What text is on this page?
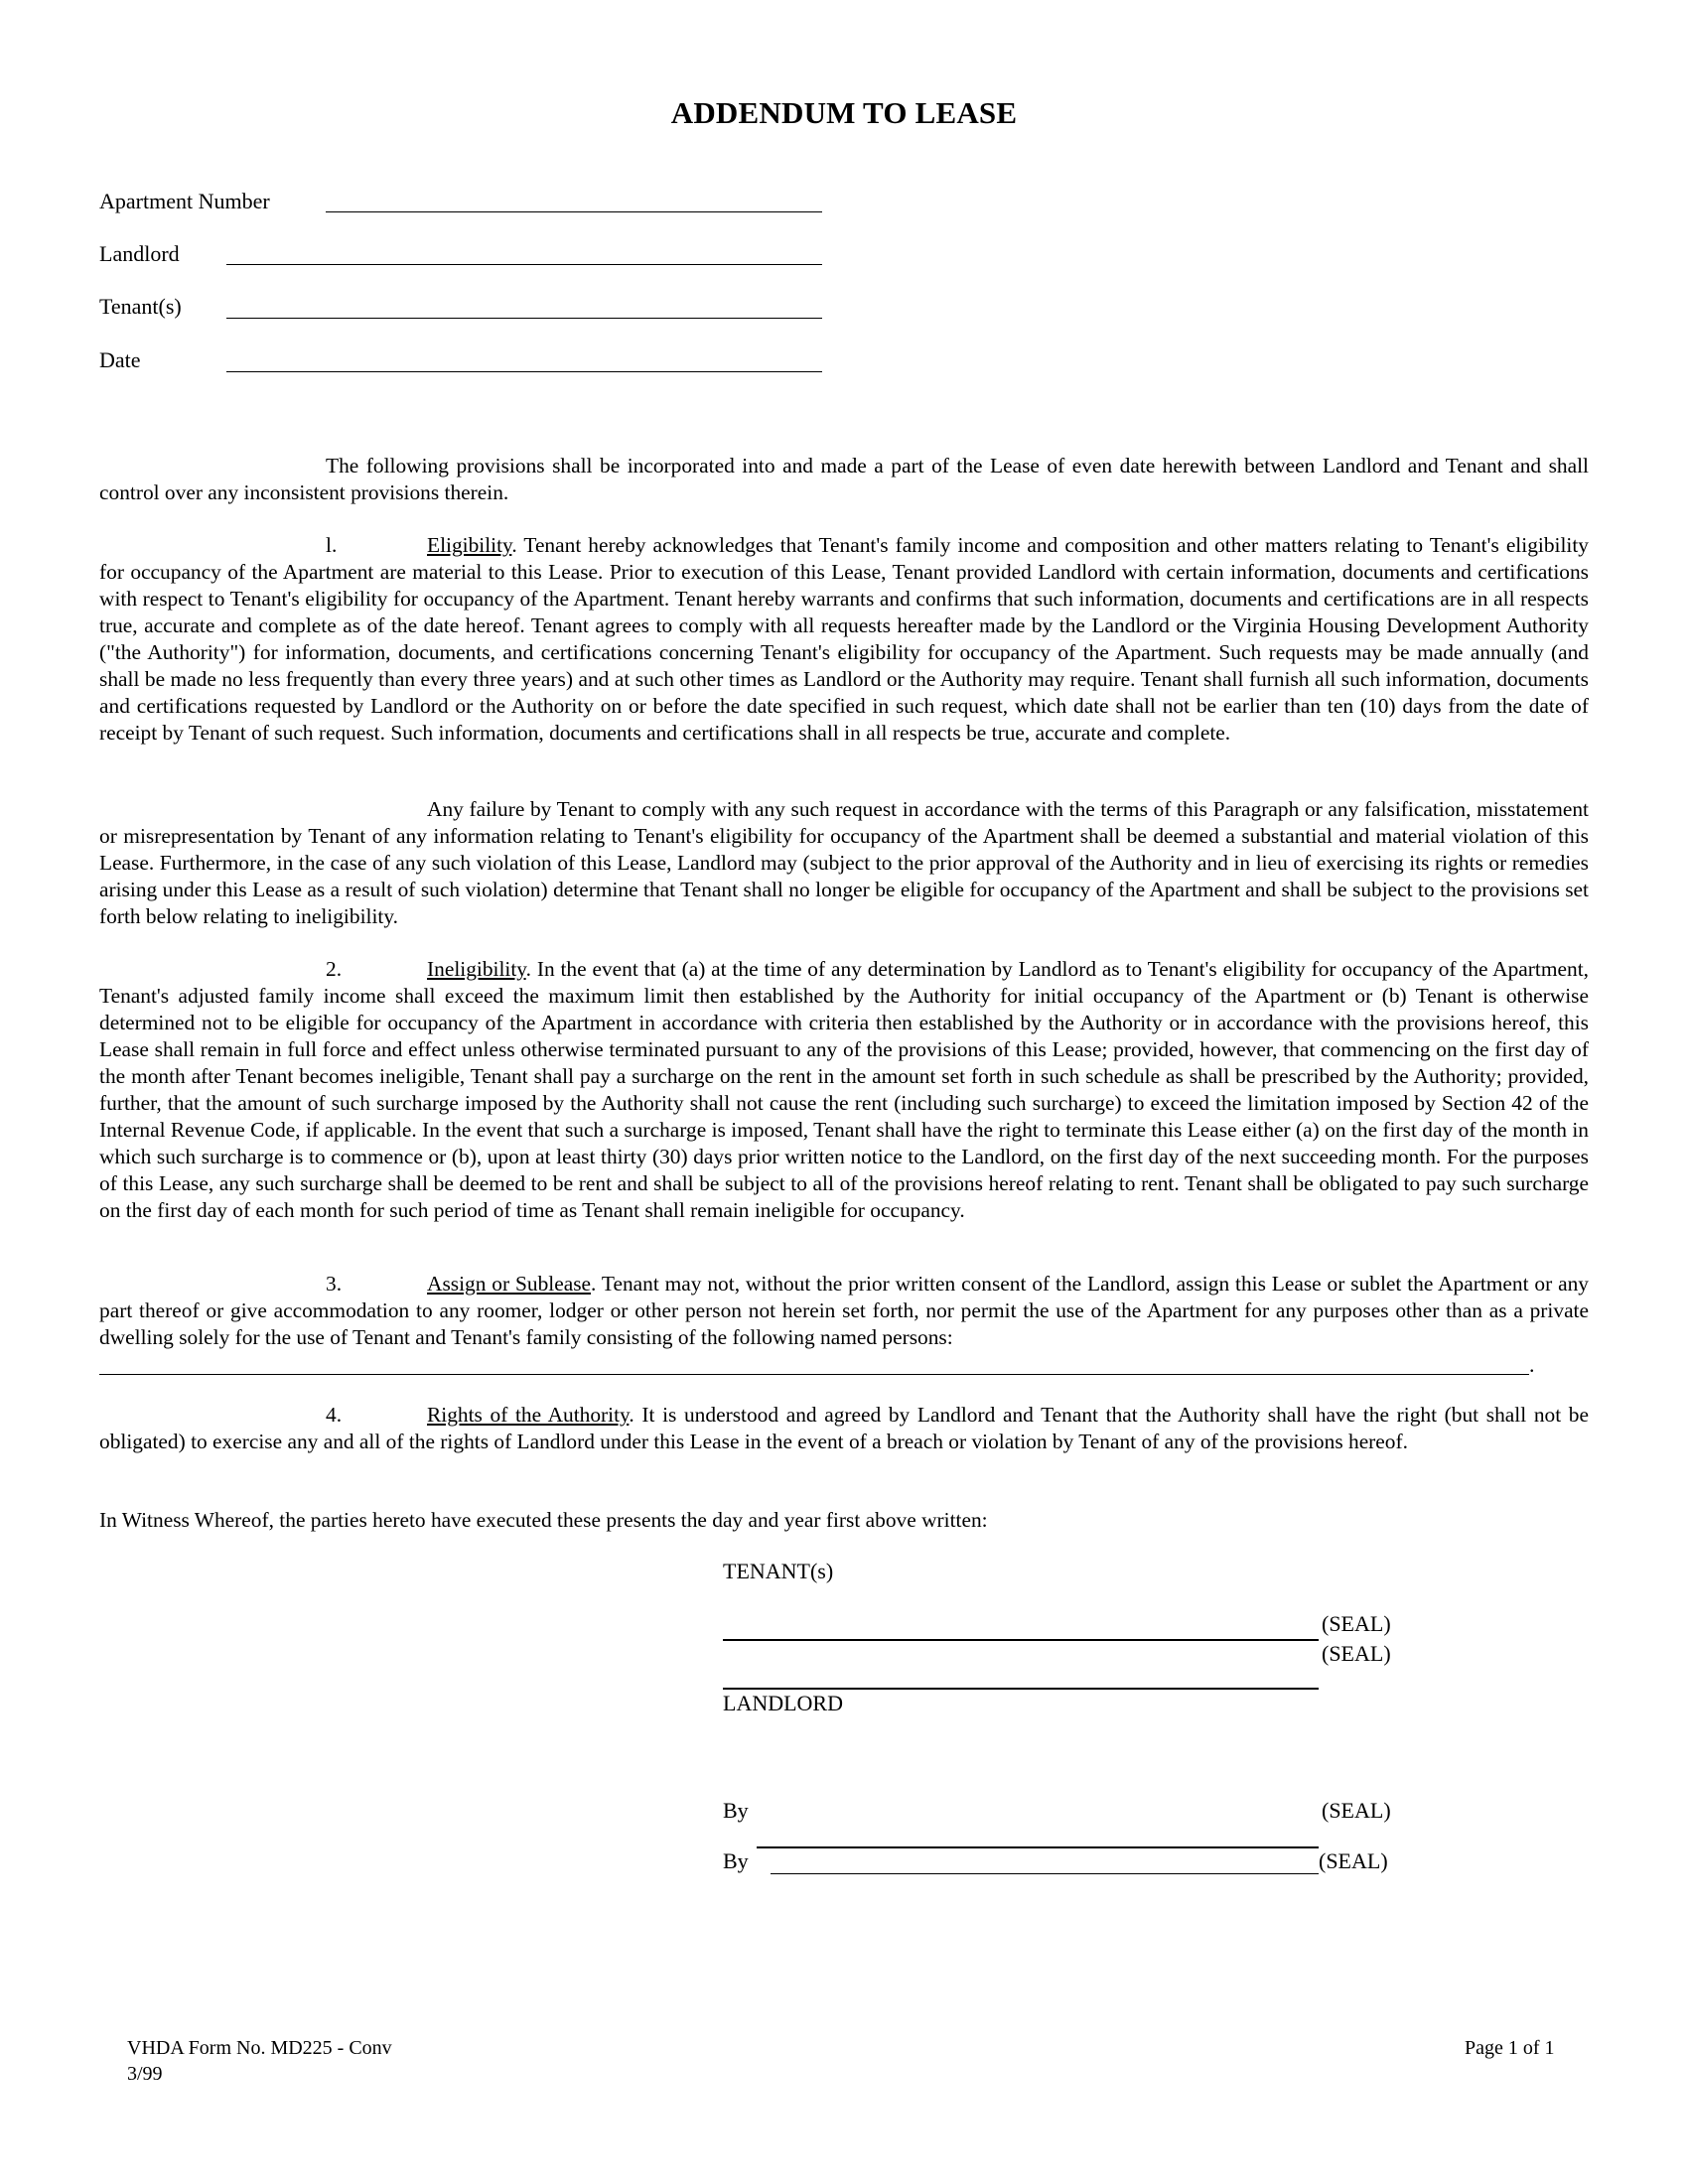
ADDENDUM TO LEASE
Apartment Number
Landlord
Tenant(s)
Date

The following provisions shall be incorporated into and made a part of the Lease of even date herewith between Landlord and Tenant and shall control over any inconsistent provisions therein.

l.	Eligibility. Tenant hereby acknowledges that Tenant's family income and composition and other matters relating to Tenant's eligibility for occupancy of the Apartment are material to this Lease. Prior to execution of this Lease, Tenant provided Landlord with certain information, documents and certifications with respect to Tenant's eligibility for occupancy of the Apartment. Tenant hereby warrants and confirms that such information, documents and certifications are in all respects true, accurate and complete as of the date hereof. Tenant agrees to comply with all requests hereafter made by the Landlord or the Virginia Housing Development Authority ("the Authority") for information, documents, and certifications concerning Tenant's eligibility for occupancy of the Apartment. Such requests may be made annually (and shall be made no less frequently than every three years) and at such other times as Landlord or the Authority may require. Tenant shall furnish all such information, documents and certifications requested by Landlord or the Authority on or before the date specified in such request, which date shall not be earlier than ten (10) days from the date of receipt by Tenant of such request. Such information, documents and certifications shall in all respects be true, accurate and complete.

Any failure by Tenant to comply with any such request in accordance with the terms of this Paragraph or any falsification, misstatement or misrepresentation by Tenant of any information relating to Tenant's eligibility for occupancy of the Apartment shall be deemed a substantial and material violation of this Lease. Furthermore, in the case of any such violation of this Lease, Landlord may (subject to the prior approval of the Authority and in lieu of exercising its rights or remedies arising under this Lease as a result of such violation) determine that Tenant shall no longer be eligible for occupancy of the Apartment and shall be subject to the provisions set forth below relating to ineligibility.

2.	Ineligibility. In the event that (a) at the time of any determination by Landlord as to Tenant's eligibility for occupancy of the Apartment, Tenant's adjusted family income shall exceed the maximum limit then established by the Authority for initial occupancy of the Apartment or (b) Tenant is otherwise determined not to be eligible for occupancy of the Apartment in accordance with criteria then established by the Authority or in accordance with the provisions hereof, this Lease shall remain in full force and effect unless otherwise terminated pursuant to any of the provisions of this Lease; provided, however, that commencing on the first day of the month after Tenant becomes ineligible, Tenant shall pay a surcharge on the rent in the amount set forth in such schedule as shall be prescribed by the Authority; provided, further, that the amount of such surcharge imposed by the Authority shall not cause the rent (including such surcharge) to exceed the limitation imposed by Section 42 of the Internal Revenue Code, if applicable. In the event that such a surcharge is imposed, Tenant shall have the right to terminate this Lease either (a) on the first day of the month in which such surcharge is to commence or (b), upon at least thirty (30) days prior written notice to the Landlord, on the first day of the next succeeding month. For the purposes of this Lease, any such surcharge shall be deemed to be rent and shall be subject to all of the provisions hereof relating to rent. Tenant shall be obligated to pay such surcharge on the first day of each month for such period of time as Tenant shall remain ineligible for occupancy.

3.	Assign or Sublease. Tenant may not, without the prior written consent of the Landlord, assign this Lease or sublet the Apartment or any part thereof or give accommodation to any roomer, lodger or other person not herein set forth, nor permit the use of the Apartment for any purposes other than as a private dwelling solely for the use of Tenant and Tenant's family consisting of the following named persons:

.

4.	Rights of the Authority. It is understood and agreed by Landlord and Tenant that the Authority shall have the right (but shall not be obligated) to exercise any and all of the rights of Landlord under this Lease in the event of a breach or violation by Tenant of any of the provisions hereof.

In Witness Whereof, the parties hereto have executed these presents the day and year first above written:

TENANT(s)
(SEAL)
(SEAL)
LANDLORD
By	(SEAL)
By	(SEAL)
VHDA Form No. MD225 - Conv
3/99
Page 1 of 1
